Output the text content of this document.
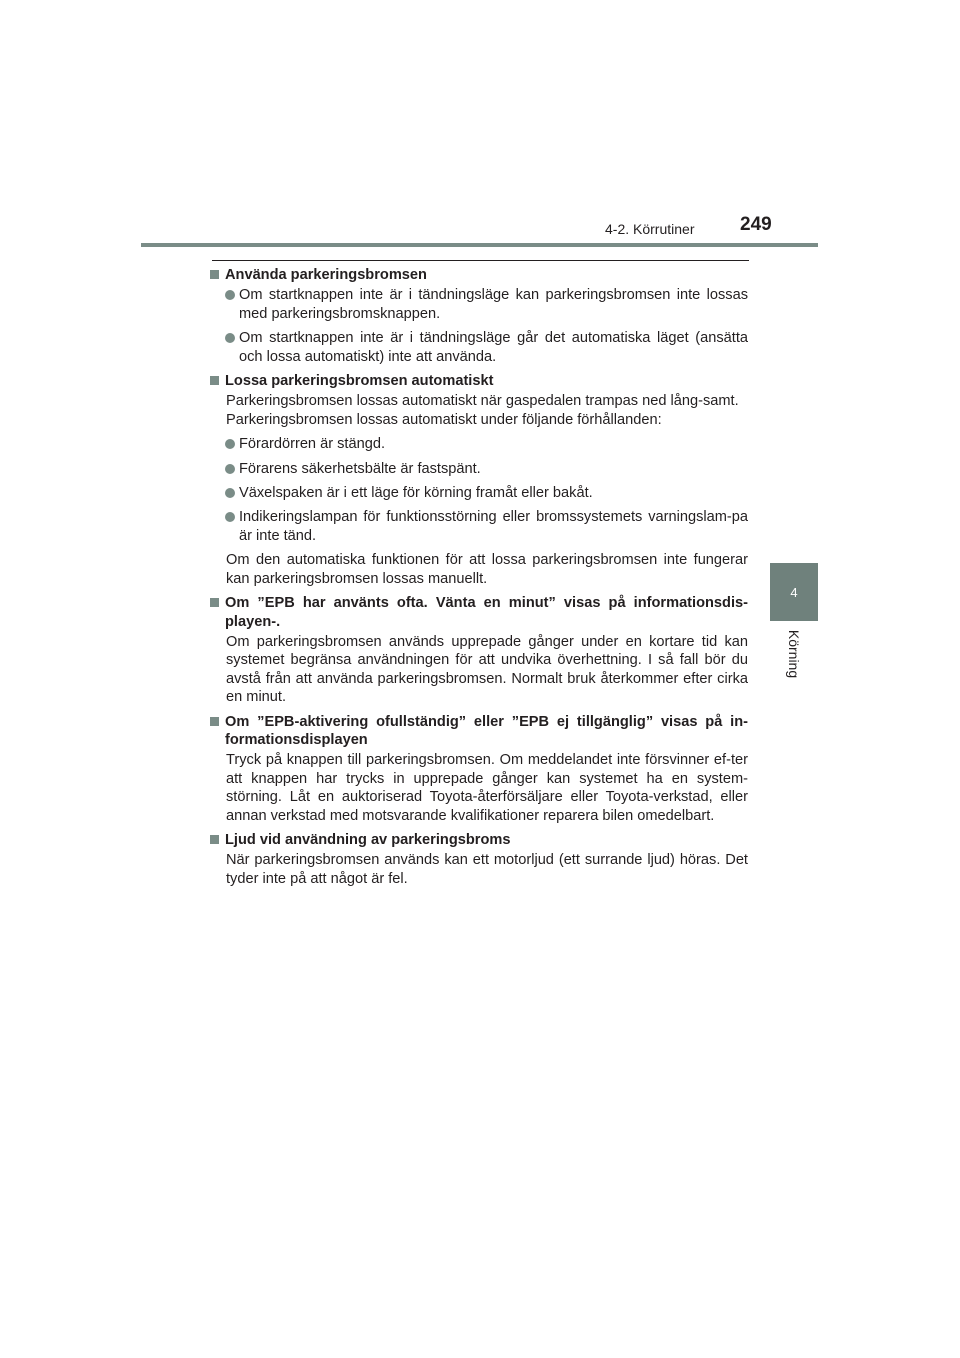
4-2. Körrutiner 249
4
Körning
Använda parkeringsbromsen
Om startknappen inte är i tändningsläge kan parkeringsbromsen inte lossas med parkeringsbromsknappen.
Om startknappen inte är i tändningsläge går det automatiska läget (ansätta och lossa automatiskt) inte att använda.
Lossa parkeringsbromsen automatiskt

Parkeringsbromsen lossas automatiskt när gaspedalen trampas ned lång-samt.

Parkeringsbromsen lossas automatiskt under följande förhållanden:

Förardörren är stängd.
Förarens säkerhetsbälte är fastspänt.
Växelspaken är i ett läge för körning framåt eller bakåt.
Indikeringslampan för funktionsstörning eller bromssystemets varningslam-pa är inte tänd.

Om den automatiska funktionen för att lossa parkeringsbromsen inte fungerar kan parkeringsbromsen lossas manuellt.

Om ”EPB har använts ofta. Vänta en minut” visas på informationsdis-playen-.

Om parkeringsbromsen används upprepade gånger under en kortare tid kan systemet begränsa användningen för att undvika överhettning. I så fall bör du avstå från att använda parkeringsbromsen. Normalt bruk återkommer efter cirka en minut.

Om ”EPB-aktivering ofullständig” eller ”EPB ej tillgänglig” visas på in-formationsdisplayen

Tryck på knappen till parkeringsbromsen. Om meddelandet inte försvinner ef-ter att knappen har trycks in upprepade gånger kan systemet ha en system-störning. Låt en auktoriserad Toyota-återförsäljare eller Toyota-verkstad, eller annan verkstad med motsvarande kvalifikationer reparera bilen omedelbart.

Ljud vid användning av parkeringsbroms

När parkeringsbromsen används kan ett motorljud (ett surrande ljud) höras. Det tyder inte på att något är fel.
